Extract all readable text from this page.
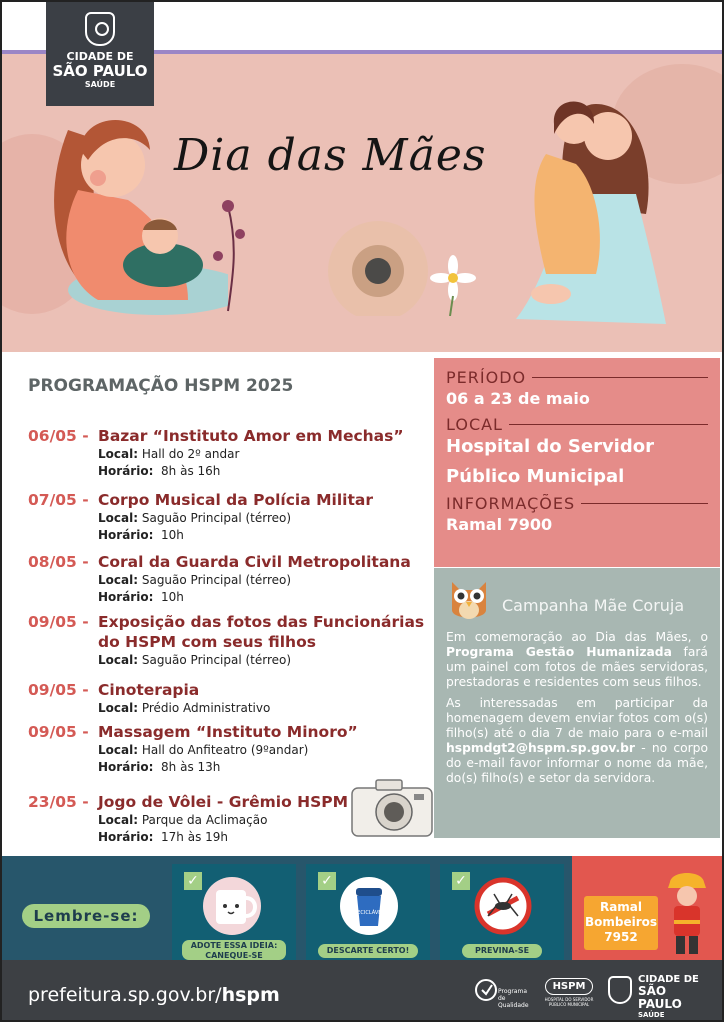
CIDADE DE
SÃO PAULO
SAÚDE
Dia das Mães
PROGRAMAÇÃO HSPM 2025
06/05 - Bazar “Instituto Amor em Mechas”
Local: Hall do 2º andar
Horário: 8h às 16h
07/05 - Corpo Musical da Polícia Militar
Local: Saguão Principal (térreo)
Horário: 10h
08/05 - Coral da Guarda Civil Metropolitana
Local: Saguão Principal (térreo)
Horário: 10h
09/05 - Exposição das fotos das Funcionárias
do HSPM com seus filhos
Local: Saguão Principal (térreo)
09/05 - Cinoterapia
Local: Prédio Administrativo
09/05 - Massagem “Instituto Minoro”
Local: Hall do Anfiteatro (9ºandar)
Horário: 8h às 13h
23/05 - Jogo de Vôlei - Grêmio HSPM
Local: Parque da Aclimação
Horário: 17h às 19h
PERÍODO
06 a 23 de maio
LOCAL
Hospital do Servidor
Público Municipal
INFORMAÇÕES
Ramal 7900
Campanha Mãe Coruja

Em comemoração ao Dia das Mães, o Programa Gestão Humanizada fará um painel com fotos de mães servidoras, prestadoras e residentes com seus filhos.

As interessadas em participar da homenagem devem enviar fotos com o(s) filho(s) até o dia 7 de maio para o e-mail hspmdgt2@hspm.sp.gov.br - no corpo do e-mail favor informar o nome da mãe, do(s) filho(s) e setor da servidora.

Lembre-se:
✓
ADOTE ESSA IDEIA:
CANEQUE-SE
✓
RECICLÁVEL
DESCARTE CERTO!
✓
PREVINA-SE
Ramal
Bombeiros
7952
prefeitura.sp.gov.br/hspm	Programa de Qualidade
HSPM
HOSPITAL DO SERVIDOR PÚBLICO MUNICIPAL
CIDADE DE
SÃO PAULO
SAÚDE
